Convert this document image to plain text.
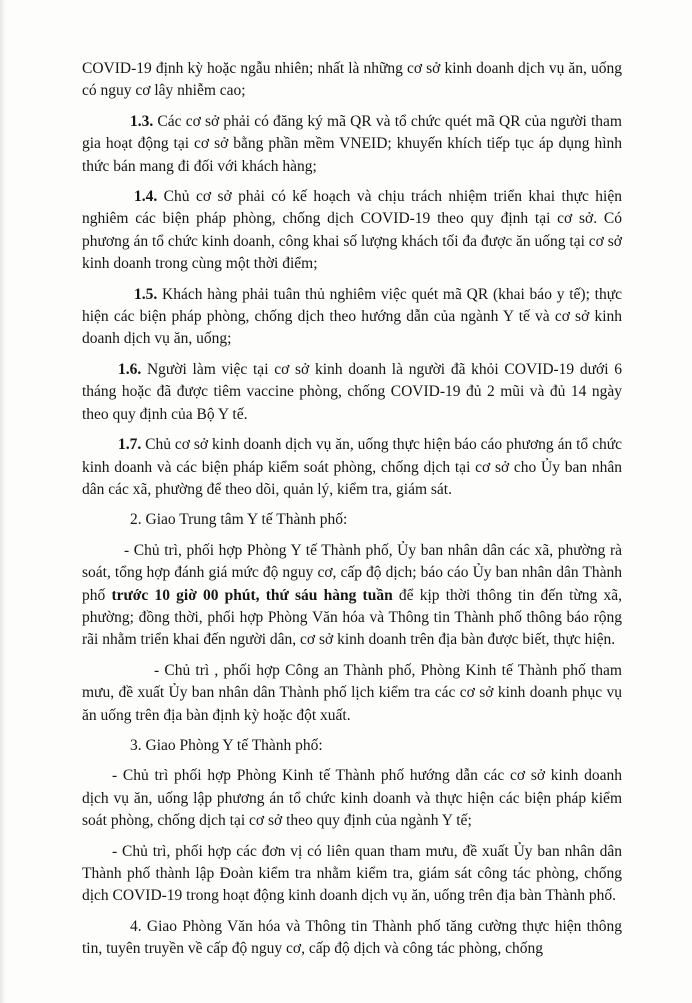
COVID-19 định kỳ hoặc ngẫu nhiên; nhất là những cơ sở kinh doanh dịch vụ ăn, uống có nguy cơ lây nhiễm cao;

1.3. Các cơ sở phải có đăng ký mã QR và tổ chức quét mã QR của người tham gia hoạt động tại cơ sở bằng phần mềm VNEID; khuyến khích tiếp tục áp dụng hình thức bán mang đi đối với khách hàng;

1.4. Chủ cơ sở phải có kế hoạch và chịu trách nhiệm triển khai thực hiện nghiêm các biện pháp phòng, chống dịch COVID-19 theo quy định tại cơ sở. Có phương án tổ chức kinh doanh, công khai số lượng khách tối đa được ăn uống tại cơ sở kinh doanh trong cùng một thời điểm;

1.5. Khách hàng phải tuân thủ nghiêm việc quét mã QR (khai báo y tế); thực hiện các biện pháp phòng, chống dịch theo hướng dẫn của ngành Y tế và cơ sở kinh doanh dịch vụ ăn, uống;

1.6. Người làm việc tại cơ sở kinh doanh là người đã khỏi COVID-19 dưới 6 tháng hoặc đã được tiêm vaccine phòng, chống COVID-19 đủ 2 mũi và đủ 14 ngày theo quy định của Bộ Y tế.

1.7. Chủ cơ sở kinh doanh dịch vụ ăn, uống thực hiện báo cáo phương án tổ chức kinh doanh và các biện pháp kiểm soát phòng, chống dịch tại cơ sở cho Ủy ban nhân dân các xã, phường để theo dõi, quản lý, kiểm tra, giám sát.

2. Giao Trung tâm Y tế Thành phố:

- Chủ trì, phối hợp Phòng Y tế Thành phố, Ủy ban nhân dân các xã, phường rà soát, tổng hợp đánh giá mức độ nguy cơ, cấp độ dịch; báo cáo Ủy ban nhân dân Thành phố trước 10 giờ 00 phút, thứ sáu hàng tuần để kịp thời thông tin đến từng xã, phường; đồng thời, phối hợp Phòng Văn hóa và Thông tin Thành phố thông báo rộng rãi nhằm triển khai đến người dân, cơ sở kinh doanh trên địa bàn được biết, thực hiện.

- Chủ trì , phối hợp Công an Thành phố, Phòng Kinh tế Thành phố tham mưu, đề xuất Ủy ban nhân dân Thành phố lịch kiểm tra các cơ sở kinh doanh phục vụ ăn uống trên địa bàn định kỳ hoặc đột xuất.

3. Giao Phòng Y tế Thành phố:

- Chủ trì phối hợp Phòng Kinh tế Thành phố hướng dẫn các cơ sở kinh doanh dịch vụ ăn, uống lập phương án tổ chức kinh doanh và thực hiện các biện pháp kiểm soát phòng, chống dịch tại cơ sở theo quy định của ngành Y tế;

- Chủ trì, phối hợp các đơn vị có liên quan tham mưu, đề xuất Ủy ban nhân dân Thành phố thành lập Đoàn kiểm tra nhằm kiểm tra, giám sát công tác phòng, chống dịch COVID-19 trong hoạt động kinh doanh dịch vụ ăn, uống trên địa bàn Thành phố.

4. Giao Phòng Văn hóa và Thông tin Thành phố tăng cường thực hiện thông tin, tuyên truyền về cấp độ nguy cơ, cấp độ dịch và công tác phòng, chống
